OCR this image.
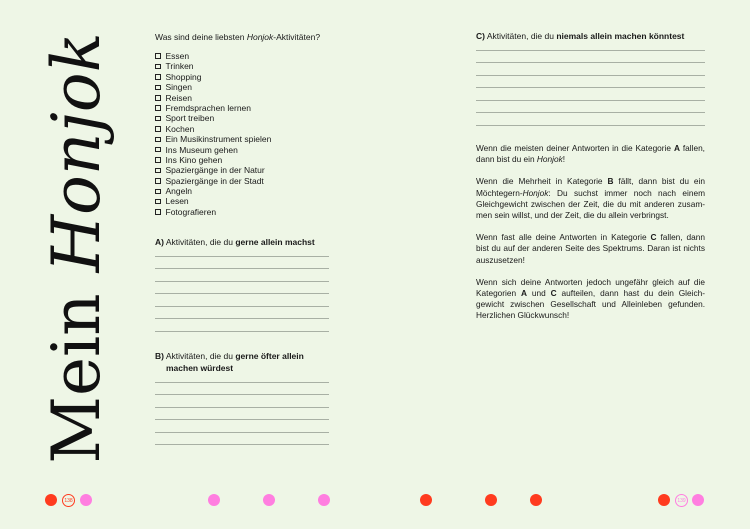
Mein Honjok	Was sind deine liebsten Honjok-Aktivitäten?
Essen
Trinken
Shopping
Singen
Reisen
Fremdsprachen lernen
Sport treiben
Kochen
Ein Musikinstrument spielen
Ins Museum gehen
Ins Kino gehen
Spaziergänge in der Natur
Spaziergänge in der Stadt
Angeln
Lesen
Fotografieren
A) Aktivitäten, die du gerne allein machst
B) Aktivitäten, die du gerne öfter allein
machen würdest
C) Aktivitäten, die du niemals allein machen könntest

Wenn die meisten deiner Antworten in die Kategorie A fallen, dann bist du ein Honjok!

Wenn die Mehrheit in Kategorie B fällt, dann bist du ein Möchtegern-Honjok: Du suchst immer noch nach einem Gleichgewicht zwischen der Zeit, die du mit anderen zusammen sein willst, und der Zeit, die du allein verbringst.

Wenn fast alle deine Antworten in Kategorie C fallen, dann bist du auf der anderen Seite des Spektrums. Daran ist nichts auszusetzen!

Wenn sich deine Antworten jedoch ungefähr gleich auf die Kategorien A und C aufteilen, dann hast du dein Gleichgewicht zwischen Gesellschaft und Alleinleben gefunden. Herzlichen Glückwunsch!

138	139
